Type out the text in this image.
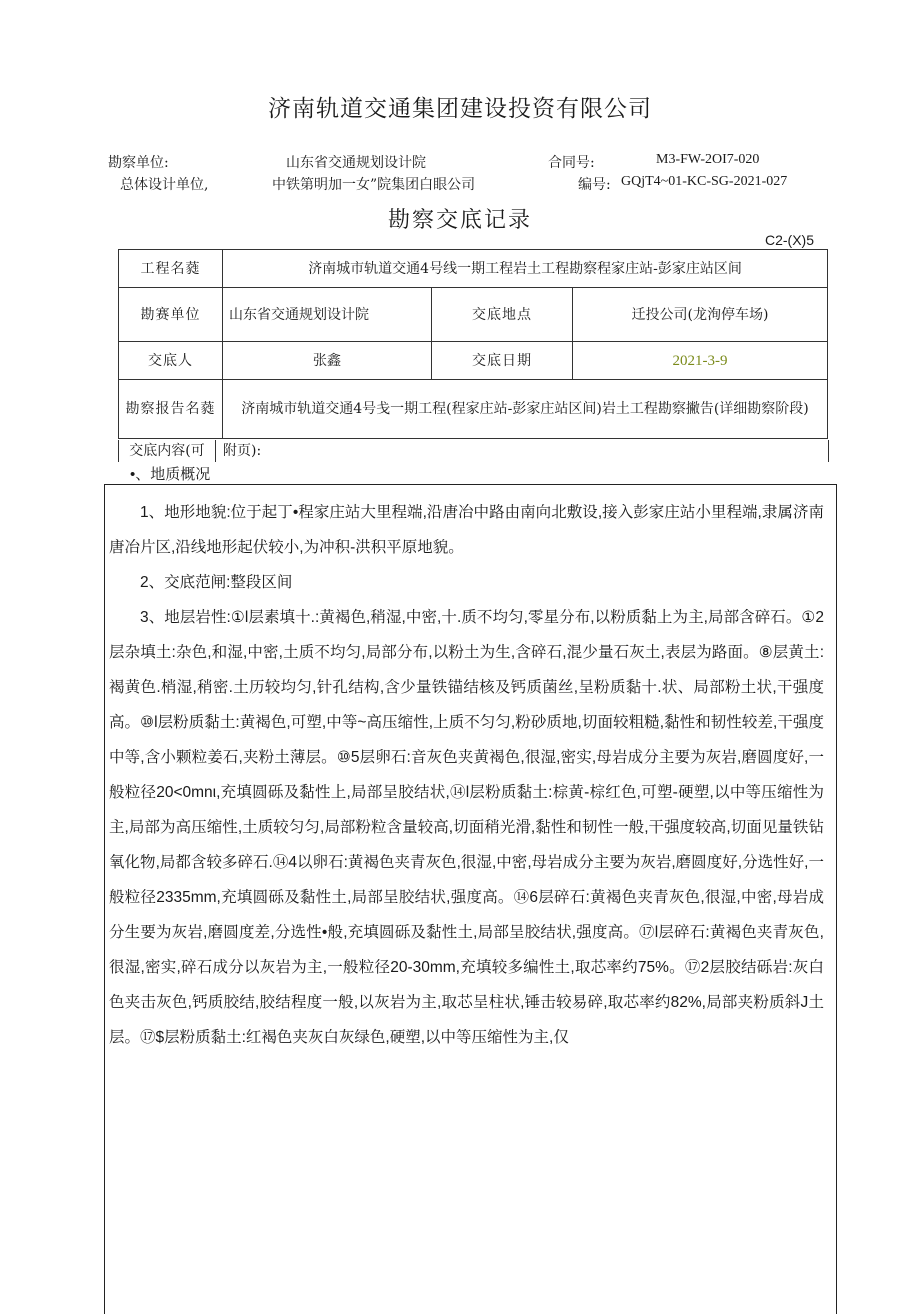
济南轨道交通集团建设投资有限公司
勘察单位:	山东省交通规划设计院	合同号:	M3-FW-2OI7-020
总体设计单位,	中铁第明加一女”院集团白眼公司	编号: GQjT4~01-KC-SG-2021-027
勘察交底记录
C2-(X)5
工程名蕤	济南城市轨道交通4号线一期工程岩土工程勘察程家庄站-彭家庄站区间		
勘赛单位	山东省交通规划设计院	交底地点	迁投公司(龙洵停车场)
交底人	张鑫	交底日期	2021-3-9
勘察报告名蕤	济南城市轨道交通4号戋一期工程(程家庄站-彭家庄站区间)岩土工程勘察撇告(详细勘察阶段)		
交底内容(可	附页):
•、地质概况

1、地形地貌:位于起丁•程家庄站大里程端,沿唐冶中路由南向北敷设,接入彭家庄站小里程端,隶属济南唐冶片区,沿线地形起伏较小,为冲积-洪积平原地貌。

2、交底范闸:整段区间

3、地层岩性:①l层素填十.:黄褐色,稍湿,中密,十.质不均匀,零星分布,以粉质黏上为主,局部含碎石。①2层杂填土:杂色,和湿,中密,土质不均匀,局部分布,以粉土为生,含碎石,混少量石灰土,表层为路面。⑧层黄土:褐黄色.梢湿,稍密.土历较均匀,针孔结构,含少量铁锚结核及钙质菌丝,呈粉质黏十.状、局部粉土状,干强度高。⑩l层粉质黏土:黄褐色,可塑,中等~高压缩性,上质不匀匀,粉砂质地,切面较粗糙,黏性和韧性较差,干强度中等,含小颗粒姜石,夹粉土薄层。⑩5层卵石:音灰色夹黄褐色,很湿,密实,母岩成分主要为灰岩,磨圆度好,一般粒径20<0mnι,充填圆砾及黏性上,局部呈胶结状,⑭l层粉质黏土:棕黄-棕红色,可塑-硬塑,以中等压缩性为主,局部为高压缩性,土质较匀匀,局部粉粒含量较高,切面稍光滑,黏性和韧性一般,干强度较高,切面见量铁钻氧化物,局都含较多碎石.⑭4以卵石:黄褐色夹青灰色,很湿,中密,母岩成分主要为灰岩,磨圆度好,分选性好,一般粒径2335mm,充填圆砾及黏性土,局部呈胶结状,强度高。⑭6层碎石:黄褐色夹青灰色,很湿,中密,母岩成分生要为灰岩,磨圆度差,分选性•般,充填圆砾及黏性土,局部呈胶结状,强度高。⑰l层碎石:黄褐色夹青灰色,很湿,密实,碎石成分以灰岩为主,一般粒径20-30mm,充填较多编性土,取芯率约75%。⑰2层胶结砾岩:灰白色夹击灰色,钙质胶结,胶结程度一般,以灰岩为主,取芯呈柱状,锤击较易碎,取芯率约82%,局部夹粉质斜J土层。⑰$层粉质黏土:红褐色夹灰白灰绿色,硬塑,以中等压缩性为主,仅
